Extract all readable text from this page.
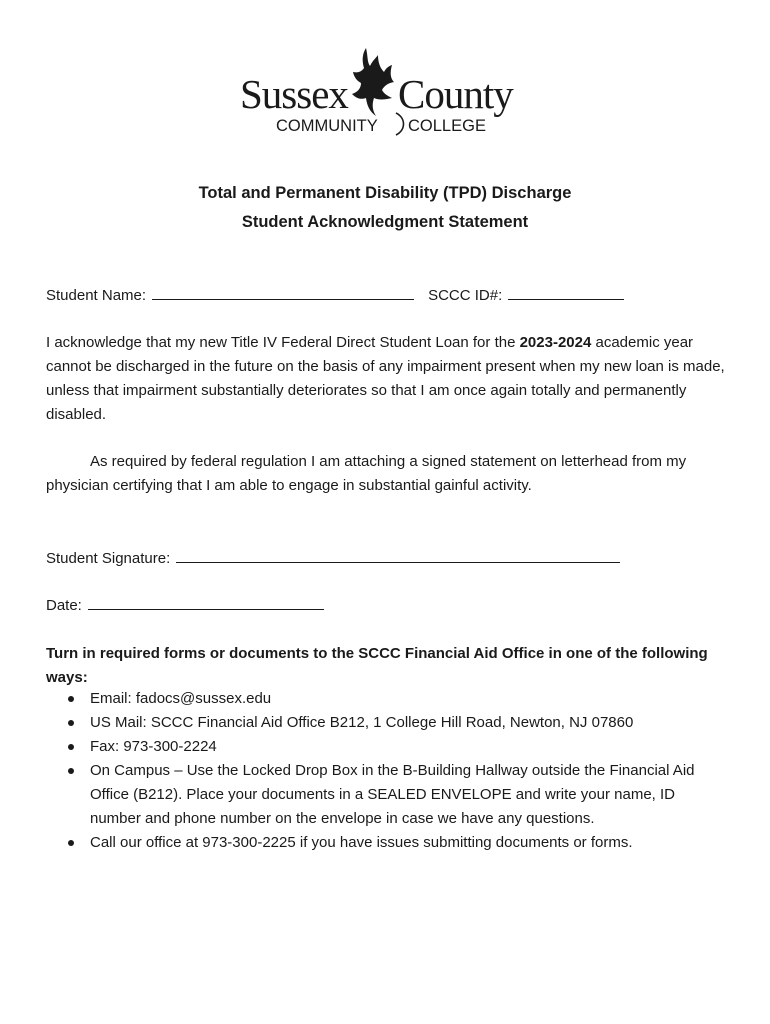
Sussex County
COMMUNITY COLLEGE
Total and Permanent Disability (TPD) Discharge
Student Acknowledgment Statement
Student Name:	SCCC ID#:
I acknowledge that my new Title IV Federal Direct Student Loan for the 2023-2024 academic year cannot be discharged in the future on the basis of any impairment present when my new loan is made, unless that impairment substantially deteriorates so that I am once again totally and permanently disabled.
As required by federal regulation I am attaching a signed statement on letterhead from my physician certifying that I am able to engage in substantial gainful activity.
Student Signature:
Date:
Turn in required forms or documents to the SCCC Financial Aid Office in one of the following ways:
Email: fadocs@sussex.edu
US Mail: SCCC Financial Aid Office B212, 1 College Hill Road, Newton, NJ 07860
Fax: 973-300-2224
On Campus – Use the Locked Drop Box in the B-Building Hallway outside the Financial Aid Office (B212). Place your documents in a SEALED ENVELOPE and write your name, ID number and phone number on the envelope in case we have any questions.
Call our office at 973-300-2225 if you have issues submitting documents or forms.
